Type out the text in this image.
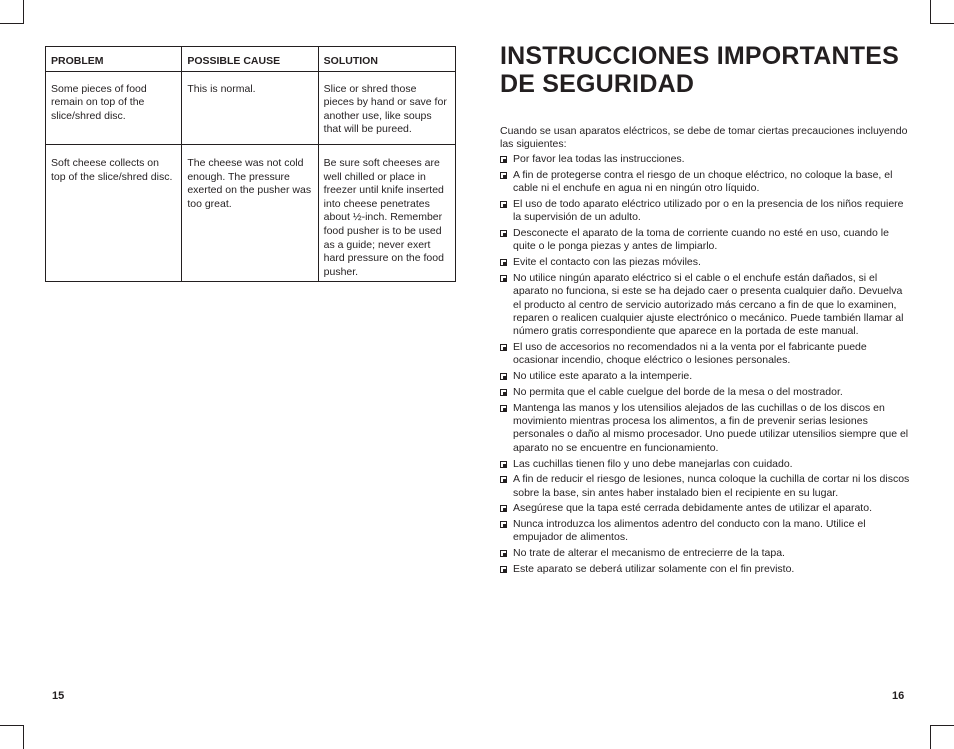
PROBLEM	POSSIBLE CAUSE	SOLUTION
Some pieces of food remain on top of the slice/shred disc.	This is normal.	Slice or shred those pieces by hand or save for another use, like soups that will be pureed.
Soft cheese collects on top of the slice/shred disc.	The cheese was not cold enough. The pressure exerted on the pusher was too great.	Be sure soft cheeses are well chilled or place in freezer until knife inserted into cheese penetrates about ½-inch. Remember food pusher is to be used as a guide; never exert hard pressure on the food pusher.
15
INSTRUCCIONES IMPORTANTES
DE SEGURIDAD

Cuando se usan aparatos eléctricos, se debe de tomar ciertas precauciones incluyendo las siguientes:

Por favor lea todas las instrucciones.
A fin de protegerse contra el riesgo de un choque eléctrico, no coloque la base, el cable ni el enchufe en agua ni en ningún otro líquido.
El uso de todo aparato eléctrico utilizado por o en la presencia de los niños requiere la supervisión de un adulto.
Desconecte el aparato de la toma de corriente cuando no esté en uso, cuando le quite o le ponga piezas y antes de limpiarlo.
Evite el contacto con las piezas móviles.
No utilice ningún aparato eléctrico si el cable o el enchufe están dañados, si el aparato no funciona, si este se ha dejado caer o presenta cualquier daño. Devuelva el producto al centro de servicio autorizado más cercano a fin de que lo examinen, reparen o realicen cualquier ajuste electrónico o mecánico. Puede también llamar al número gratis correspondiente que aparece en la portada de este manual.
El uso de accesorios no recomendados ni a la venta por el fabricante puede ocasionar incendio, choque eléctrico o lesiones personales.
No utilice este aparato a la intemperie.
No permita que el cable cuelgue del borde de la mesa o del mostrador.
Mantenga las manos y los utensilios alejados de las cuchillas o de los discos en movimiento mientras procesa los alimentos, a fin de prevenir serias lesiones personales o daño al mismo procesador. Uno puede utilizar utensilios siempre que el aparato no se encuentre en funcionamiento.
Las cuchillas tienen filo y uno debe manejarlas con cuidado.
A fin de reducir el riesgo de lesiones, nunca coloque la cuchilla de cortar ni los discos sobre la base, sin antes haber instalado bien el recipiente en su lugar.
Asegúrese que la tapa esté cerrada debidamente antes de utilizar el aparato.
Nunca introduzca los alimentos adentro del conducto con la mano. Utilice el empujador de alimentos.
No trate de alterar el mecanismo de entrecierre de la tapa.
Este aparato se deberá utilizar solamente con el fin previsto.
16
